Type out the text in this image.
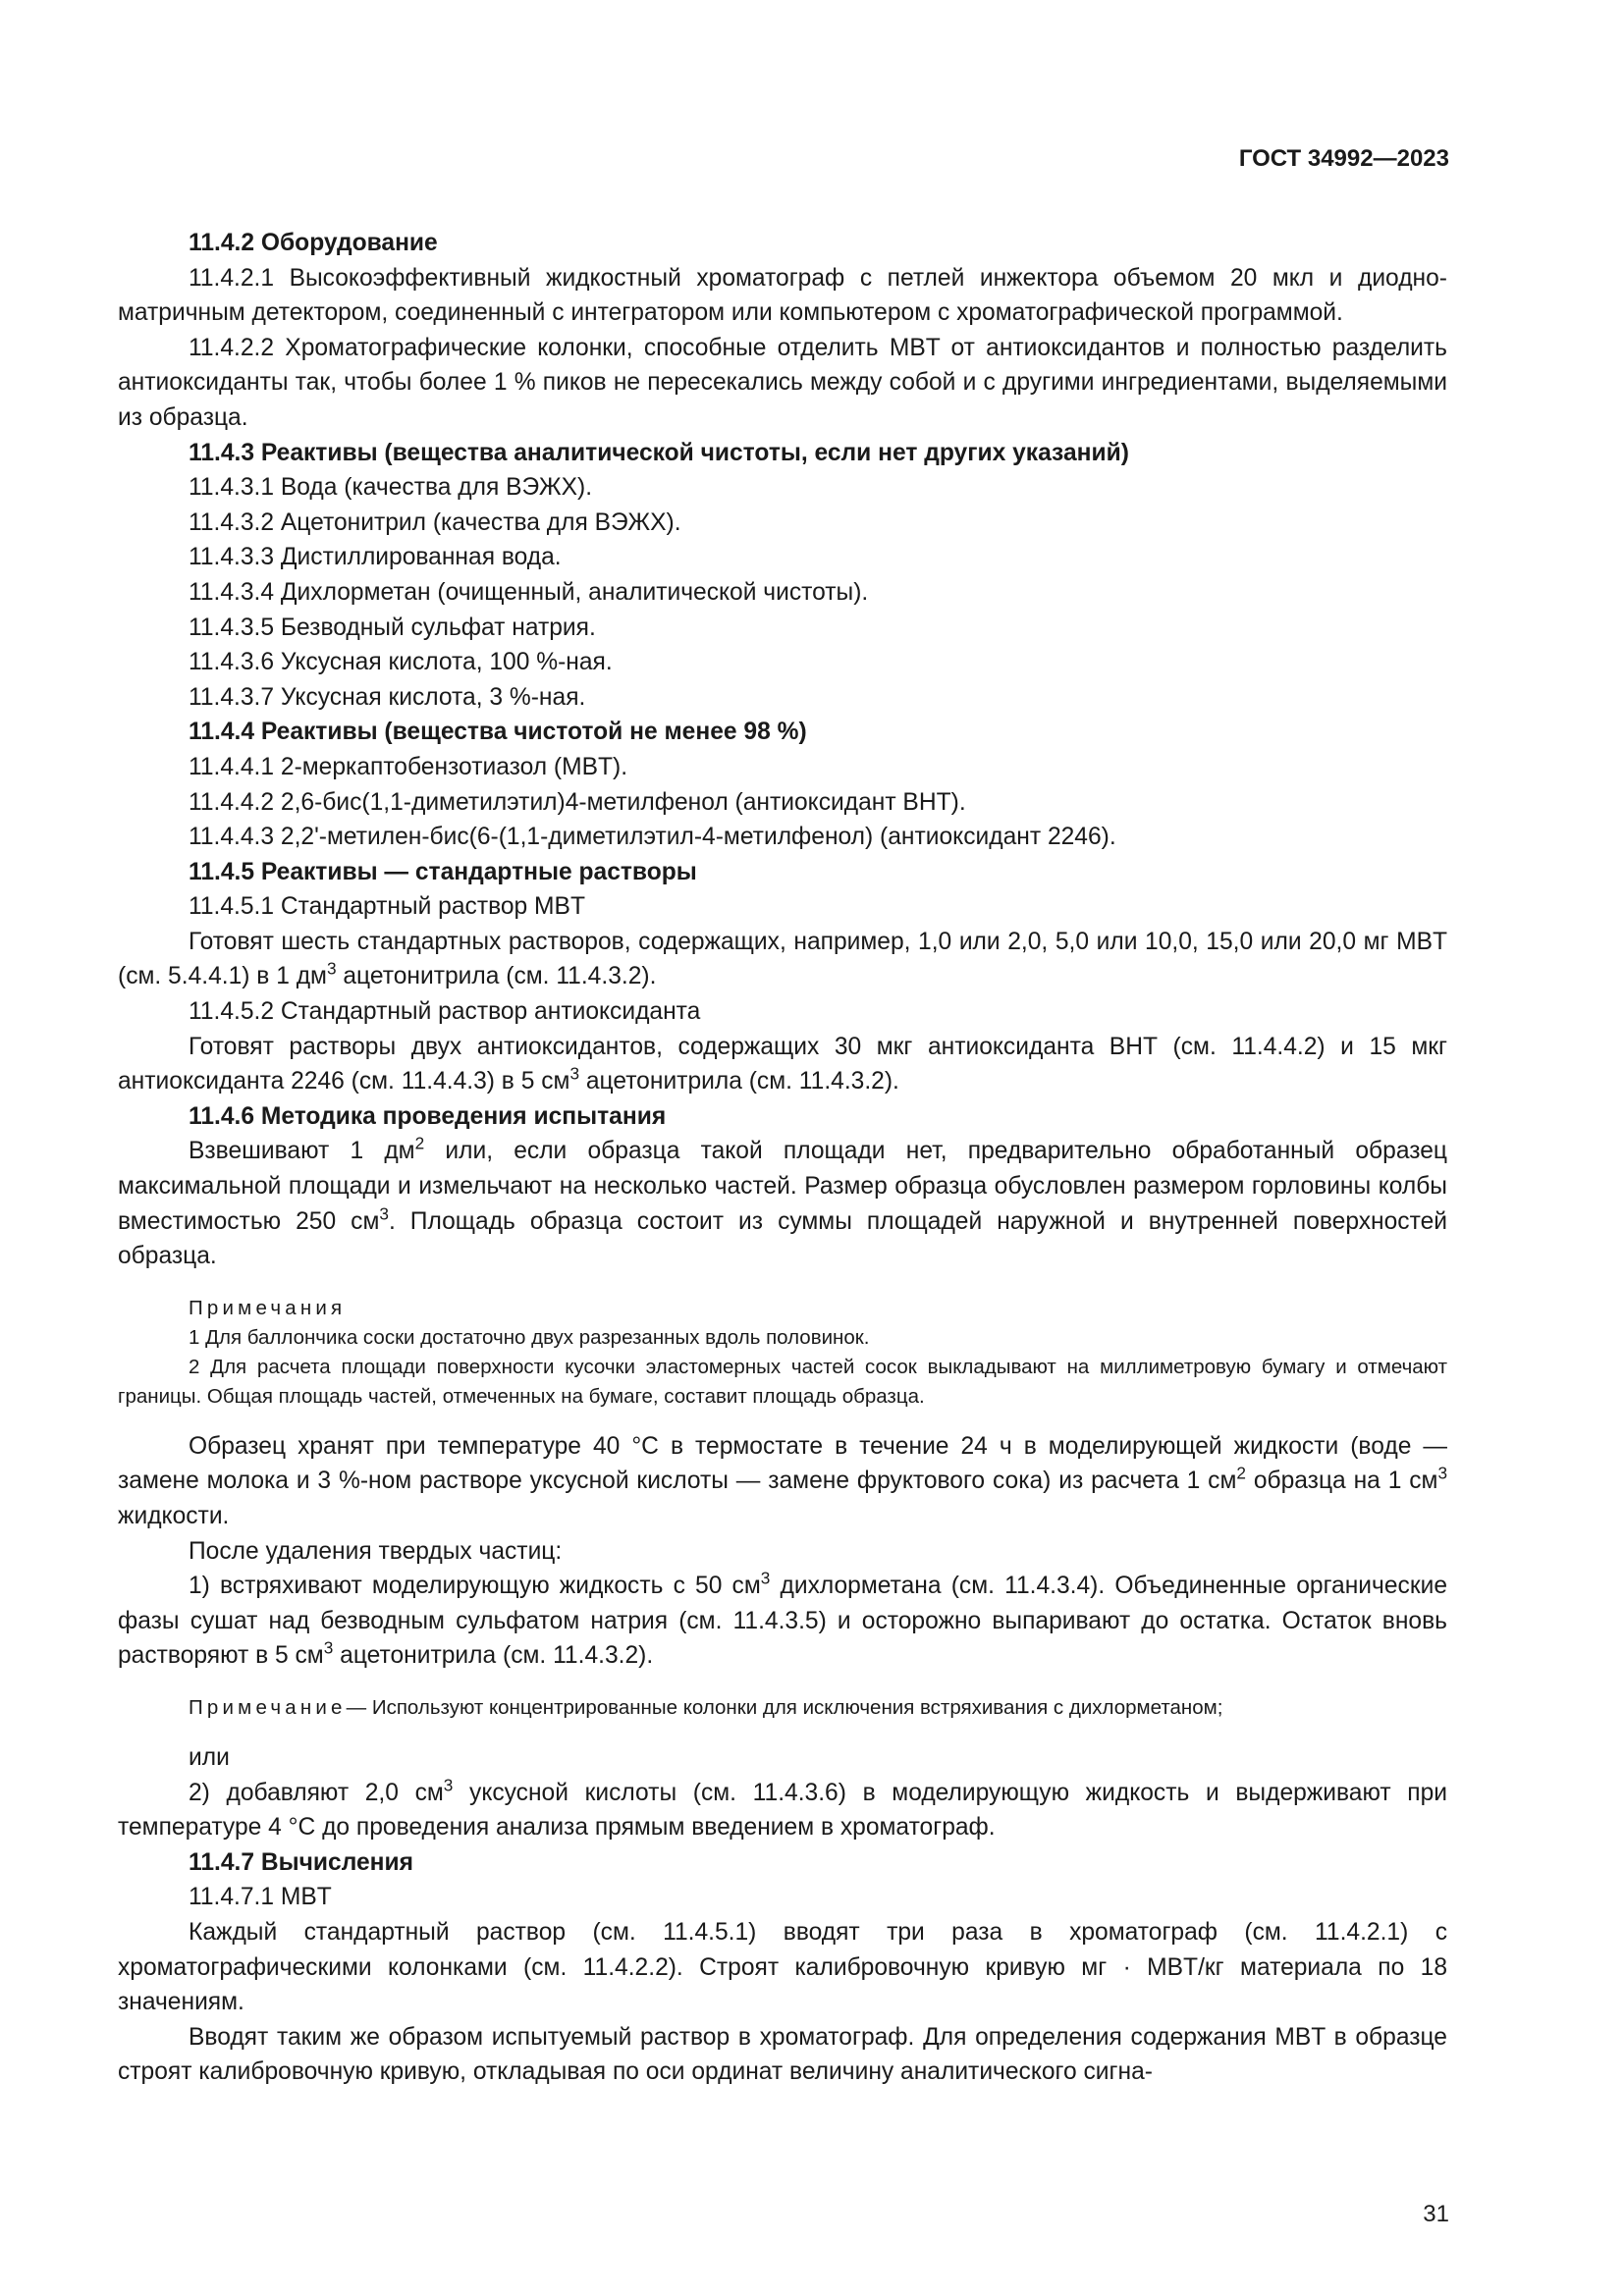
ГОСТ 34992—2023

11.4.2 Оборудование

11.4.2.1 Высокоэффективный жидкостный хроматограф с петлей инжектора объемом 20 мкл и диодно-матричным детектором, соединенный с интегратором или компьютером с хроматографической программой.

11.4.2.2 Хроматографические колонки, способные отделить MBT от антиоксидантов и полностью разделить антиоксиданты так, чтобы более 1 % пиков не пересекались между собой и с другими ингредиентами, выделяемыми из образца.

11.4.3 Реактивы (вещества аналитической чистоты, если нет других указаний)

11.4.3.1 Вода (качества для ВЭЖХ).

11.4.3.2 Ацетонитрил (качества для ВЭЖХ).

11.4.3.3 Дистиллированная вода.

11.4.3.4 Дихлорметан (очищенный, аналитической чистоты).

11.4.3.5 Безводный сульфат натрия.

11.4.3.6 Уксусная кислота, 100 %-ная.

11.4.3.7 Уксусная кислота, 3 %-ная.

11.4.4 Реактивы (вещества чистотой не менее 98 %)

11.4.4.1 2-меркаптобензотиазол (MBT).

11.4.4.2 2,6-бис(1,1-диметилэтил)4-метилфенол (антиоксидант ВНТ).

11.4.4.3 2,2'-метилен-бис(6-(1,1-диметилэтил-4-метилфенол) (антиоксидант 2246).

11.4.5 Реактивы — стандартные растворы

11.4.5.1 Стандартный раствор MBT

Готовят шесть стандартных растворов, содержащих, например, 1,0 или 2,0, 5,0 или 10,0, 15,0 или 20,0 мг MBT (см. 5.4.4.1) в 1 $дм^3$ ацетонитрила (см. 11.4.3.2).

11.4.5.2 Стандартный раствор антиоксиданта

Готовят растворы двух антиоксидантов, содержащих 30 мкг антиоксиданта ВНТ (см. 11.4.4.2) и 15 мкг антиоксиданта 2246 (см. 11.4.4.3) в 5 $см^3$ ацетонитрила (см. 11.4.3.2).

11.4.6 Методика проведения испытания

Взвешивают 1 $дм^2$ или, если образца такой площади нет, предварительно обработанный образец максимальной площади и измельчают на несколько частей. Размер образца обусловлен размером горловины колбы вместимостью 250 $см^3$. Площадь образца состоит из суммы площадей наружной и внутренней поверхностей образца.

Примечания

1 Для баллончика соски достаточно двух разрезанных вдоль половинок.

2 Для расчета площади поверхности кусочки эластомерных частей сосок выкладывают на миллиметровую бумагу и отмечают границы. Общая площадь частей, отмеченных на бумаге, составит площадь образца.

Образец хранят при температуре 40 °C в термостате в течение 24 ч в моделирующей жидкости (воде — замене молока и 3 %-ном растворе уксусной кислоты — замене фруктового сока) из расчета 1 $см^2$ образца на 1 $см^3$ жидкости.

После удаления твердых частиц:

1) встряхивают моделирующую жидкость с 50 $см^3$ дихлорметана (см. 11.4.3.4). Объединенные органические фазы сушат над безводным сульфатом натрия (см. 11.4.3.5) и осторожно выпаривают до остатка. Остаток вновь растворяют в 5 $см^3$ ацетонитрила (см. 11.4.3.2).

Примечание— Используют концентрированные колонки для исключения встряхивания с дихлорметаном;

или

2) добавляют 2,0 $см^3$ уксусной кислоты (см. 11.4.3.6) в моделирующую жидкость и выдерживают при температуре 4 °C до проведения анализа прямым введением в хроматограф.

11.4.7 Вычисления

11.4.7.1 MBT

Каждый стандартный раствор (см. 11.4.5.1) вводят три раза в хроматограф (см. 11.4.2.1) с хроматографическими колонками (см. 11.4.2.2). Строят калибровочную кривую мг · MBT/кг материала по 18 значениям.

Вводят таким же образом испытуемый раствор в хроматограф. Для определения содержания MBT в образце строят калибровочную кривую, откладывая по оси ординат величину аналитического сигна-

31
